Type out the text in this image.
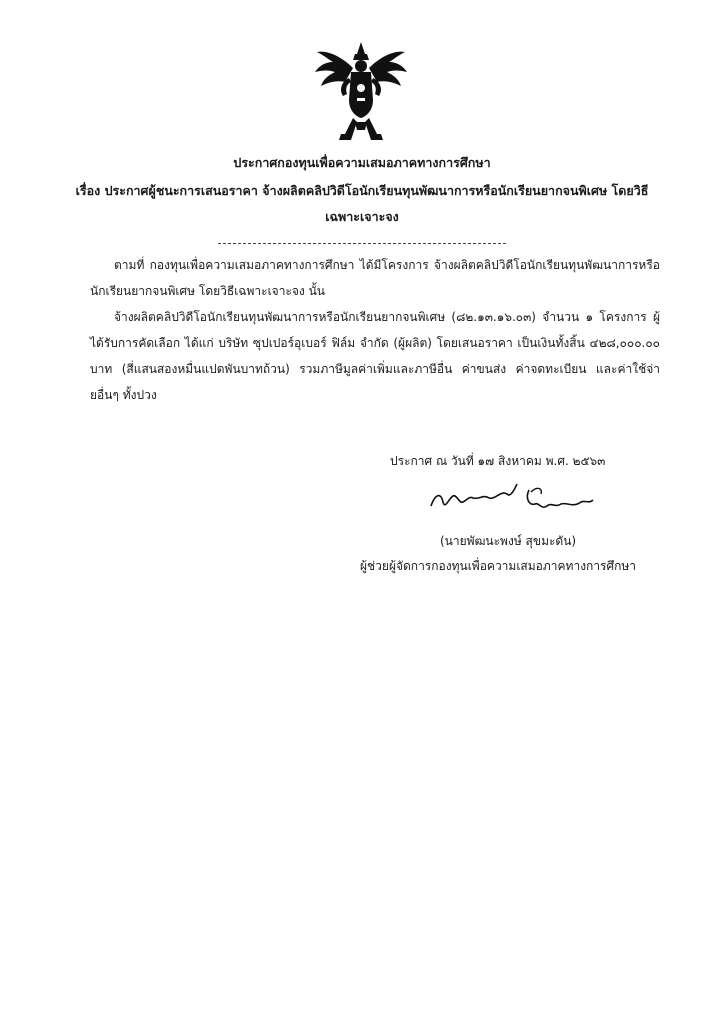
ประกาศกองทุนเพื่อความเสมอภาคทางการศึกษา
เรื่อง ประกาศผู้ชนะการเสนอราคา จ้างผลิตคลิปวิดีโอนักเรียนทุนพัฒนาการหรือนักเรียนยากจนพิเศษ โดยวิธี
เฉพาะเจาะจง
ตามที่ กองทุนเพื่อความเสมอภาคทางการศึกษา ได้มีโครงการ จ้างผลิตคลิปวิดีโอนักเรียนทุนพัฒนาการหรือนักเรียนยากจนพิเศษ โดยวิธีเฉพาะเจาะจง นั้น
จ้างผลิตคลิปวิดีโอนักเรียนทุนพัฒนาการหรือนักเรียนยากจนพิเศษ (๘๒.๑๓.๑๖.๐๓) จำนวน ๑ โครงการ ผู้ได้รับการคัดเลือก ได้แก่ บริษัท ซุปเปอร์อุเบอร์ ฟิล์ม จำกัด (ผู้ผลิต) โดยเสนอราคา เป็นเงินทั้งสิ้น ๔๒๘,๐๐๐.๐๐ บาท (สี่แสนสองหมื่นแปดพันบาทถ้วน) รวมภาษีมูลค่าเพิ่มและภาษีอื่น ค่าขนส่ง ค่าจดทะเบียน และค่าใช้จ่ายอื่นๆ ทั้งปวง
ประกาศ ณ วันที่ ๑๗ สิงหาคม พ.ศ. ๒๕๖๓
(นายพัฒนะพงษ์ สุขมะดัน)
ผู้ช่วยผู้จัดการกองทุนเพื่อความเสมอภาคทางการศึกษา
